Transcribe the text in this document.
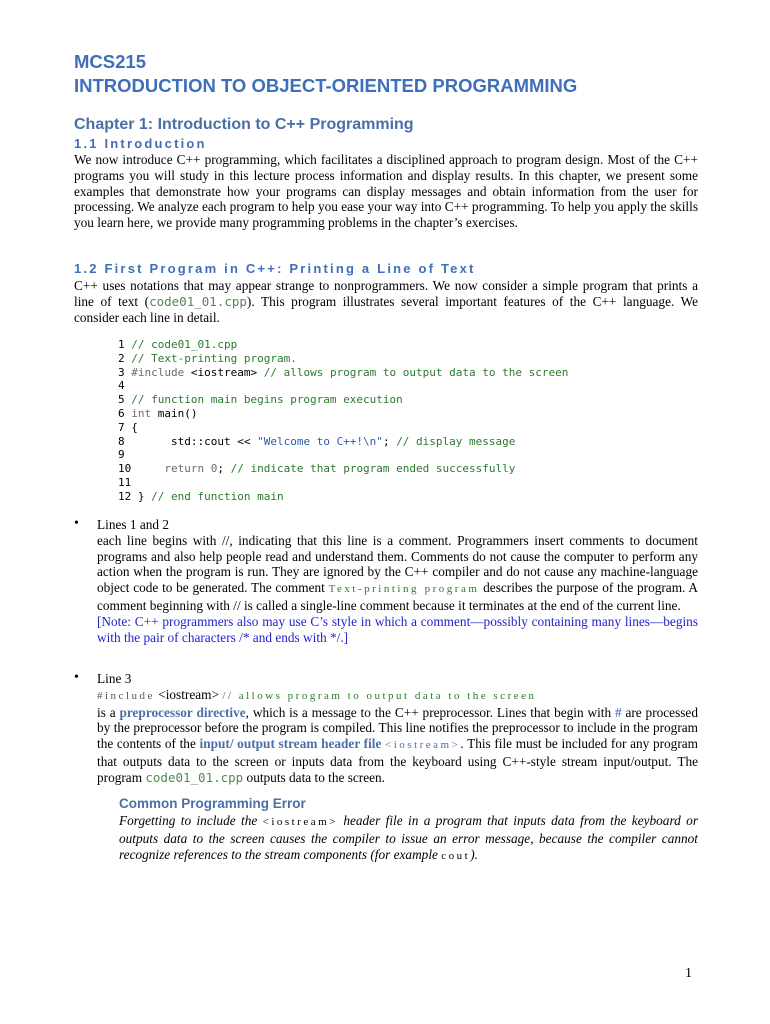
MCS215
INTRODUCTION TO OBJECT-ORIENTED PROGRAMMING
Chapter 1: Introduction to C++ Programming
1.1 Introduction
We now introduce C++ programming, which facilitates a disciplined approach to program design. Most of the C++ programs you will study in this lecture process information and display results. In this chapter, we present some examples that demonstrate how your programs can display messages and obtain information from the user for processing. We analyze each program to help you ease your way into C++ programming. To help you apply the skills you learn here, we provide many programming problems in the chapter’s exercises.
1.2 First Program in C++: Printing a Line of Text
C++ uses notations that may appear strange to nonprogrammers. We now consider a simple program that prints a line of text (code01_01.cpp). This program illustrates several important features of the C++ language. We consider each line in detail.
1 // code01_01.cpp
2 // Text-printing program.
3 #include <iostream> // allows program to output data to the screen
4
5 // function main begins program execution
6 int main()
7 {
8       std::cout << "Welcome to C++!\n"; // display message
9
10	return 0; // indicate that program ended successfully
11
12 } // end function main
• Lines 1 and 2
each line begins with //, indicating that this line is a comment. Programmers insert comments to document programs and also help people read and understand them. Comments do not cause the computer to perform any action when the program is run. They are ignored by the C++ compiler and do not cause any machine-language object code to be generated. The comment Text-printing program describes the purpose of the program. A comment beginning with // is called a single-line comment because it terminates at the end of the current line.
[Note: C++ programmers also may use C’s style in which a comment—possibly containing many lines—begins with the pair of characters /* and ends with */.]
• Line 3
#include <iostream> // allows program to output data to the screen
is a preprocessor directive, which is a message to the C++ preprocessor. Lines that begin with # are processed by the preprocessor before the program is compiled. This line notifies the preprocessor to include in the program the contents of the input/ output stream header file <iostream>. This file must be included for any program that outputs data to the screen or inputs data from the keyboard using C++-style stream input/output. The program code01_01.cpp outputs data to the screen.
Common Programming Error
Forgetting to include the <iostream> header file in a program that inputs data from the keyboard or outputs data to the screen causes the compiler to issue an error message, because the compiler cannot recognize references to the stream components (for example cout).
1
